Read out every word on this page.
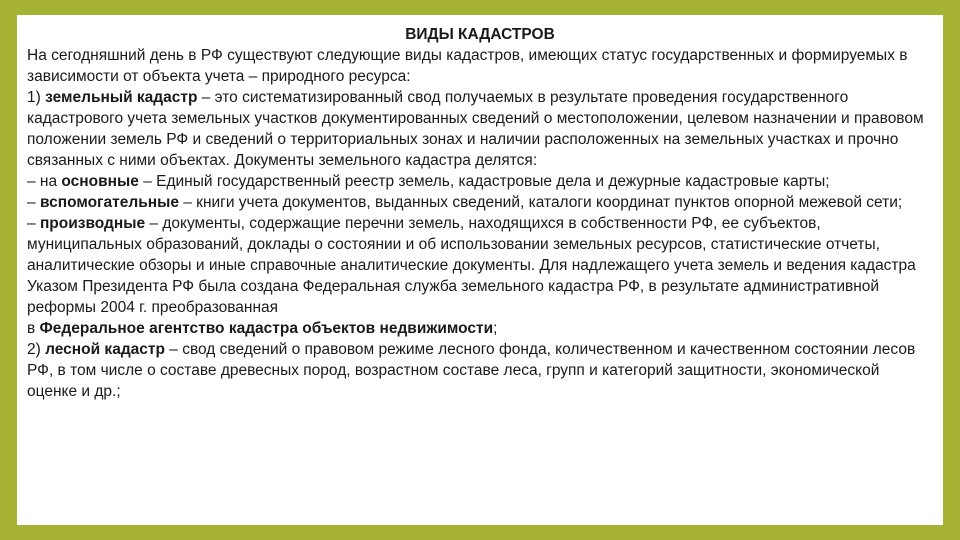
ВИДЫ КАДАСТРОВ

На сегодняшний день в РФ существуют следующие виды кадастров, имеющих статус государственных и формируемых в зависимости от объекта учета – природного ресурса:

1) земельный кадастр – это систематизированный свод получаемых в результате проведения государственного кадастрового учета земельных участков документированных сведений о местоположении, целевом назначении и правовом положении земель РФ и сведений о территориальных зонах и наличии расположенных на земельных участках и прочно связанных с ними объектах. Документы земельного кадастра делятся:

– на основные – Единый государственный реестр земель, кадастровые дела и дежурные кадастровые карты;

– вспомогательные – книги учета документов, выданных сведений, каталоги координат пунктов опорной межевой сети;

– производные – документы, содержащие перечни земель, находящихся в собственности РФ, ее субъектов, муниципальных образований, доклады о состоянии и об использовании земельных ресурсов, статистические отчеты, аналитические обзоры и иные справочные аналитические документы. Для надлежащего учета земель и ведения кадастра Указом Президента РФ была создана Федеральная служба земельного кадастра РФ, в результате административной реформы 2004 г. преобразованная

в Федеральное агентство кадастра объектов недвижимости;

2) лесной кадастр – свод сведений о правовом режиме лесного фонда, количественном и качественном состоянии лесов РФ, в том числе о составе древесных пород, возрастном составе леса, групп и категорий защитности, экономической оценке и др.;
